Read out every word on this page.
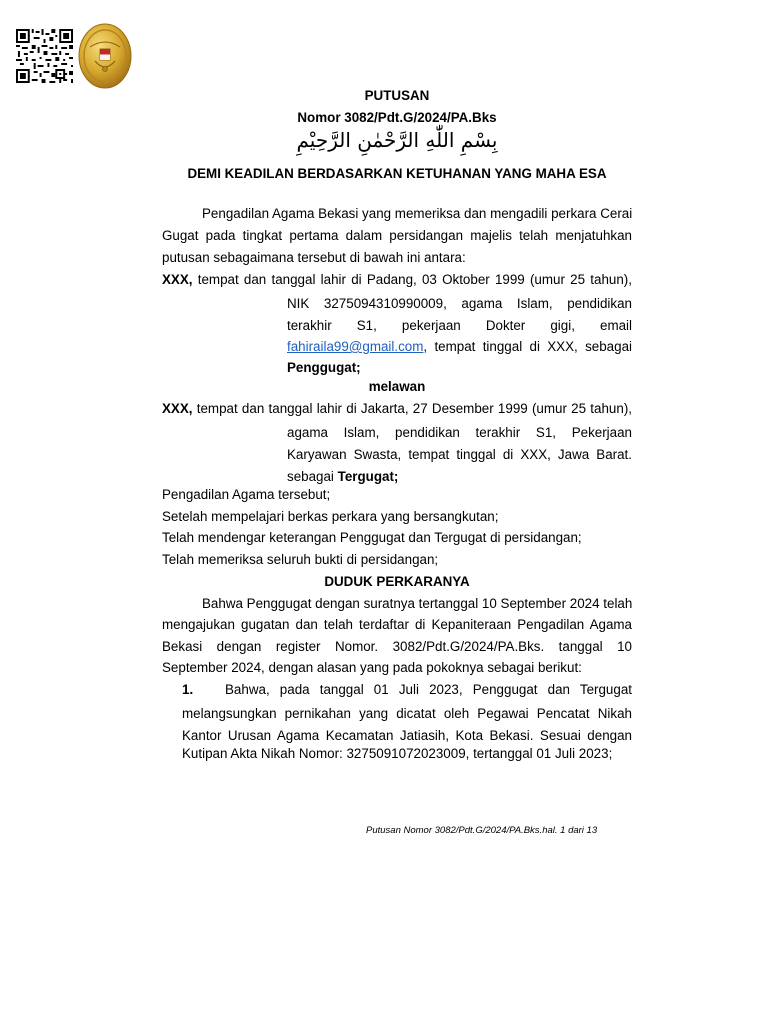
PUTUSAN
Nomor 3082/Pdt.G/2024/PA.Bks
بِسْمِ اللّٰهِ الرَّحْمٰنِ الرَّحِيْمِ
DEMI KEADILAN BERDASARKAN KETUHANAN YANG MAHA ESA
Pengadilan Agama Bekasi yang memeriksa dan mengadili perkara Cerai
Gugat pada tingkat pertama dalam persidangan majelis telah menjatuhkan
putusan sebagaimana tersebut di bawah ini antara:
XXX, tempat dan tanggal lahir di Padang, 03 Oktober 1999 (umur 25 tahun),
NIK 3275094310990009, agama Islam, pendidikan
terakhir S1, pekerjaan Dokter gigi, email
fahiraila99@gmail.com, tempat tinggal di XXX, sebagai
Penggugat;
melawan
XXX, tempat dan tanggal lahir di Jakarta, 27 Desember 1999 (umur 25 tahun),
agama Islam, pendidikan terakhir S1, Pekerjaan
Karyawan Swasta, tempat tinggal di XXX, Jawa Barat.
sebagai Tergugat;
Pengadilan Agama tersebut;
Setelah mempelajari berkas perkara yang bersangkutan;
Telah mendengar keterangan Penggugat dan Tergugat di persidangan;
Telah memeriksa seluruh bukti di persidangan;
DUDUK PERKARANYA
Bahwa Penggugat dengan suratnya tertanggal 10 September 2024 telah
mengajukan gugatan dan telah terdaftar di Kepaniteraan Pengadilan Agama
Bekasi dengan register Nomor. 3082/Pdt.G/2024/PA.Bks. tanggal 10
September 2024, dengan alasan yang pada pokoknya sebagai berikut:
1. Bahwa, pada tanggal 01 Juli 2023, Penggugat dan Tergugat
melangsungkan pernikahan yang dicatat oleh Pegawai Pencatat Nikah
Kantor Urusan Agama Kecamatan Jatiasih, Kota Bekasi. Sesuai dengan
Kutipan Akta Nikah Nomor: 3275091072023009, tertanggal 01 Juli 2023;
Putusan Nomor 3082/Pdt.G/2024/PA.Bks.hal. 1 dari 13
